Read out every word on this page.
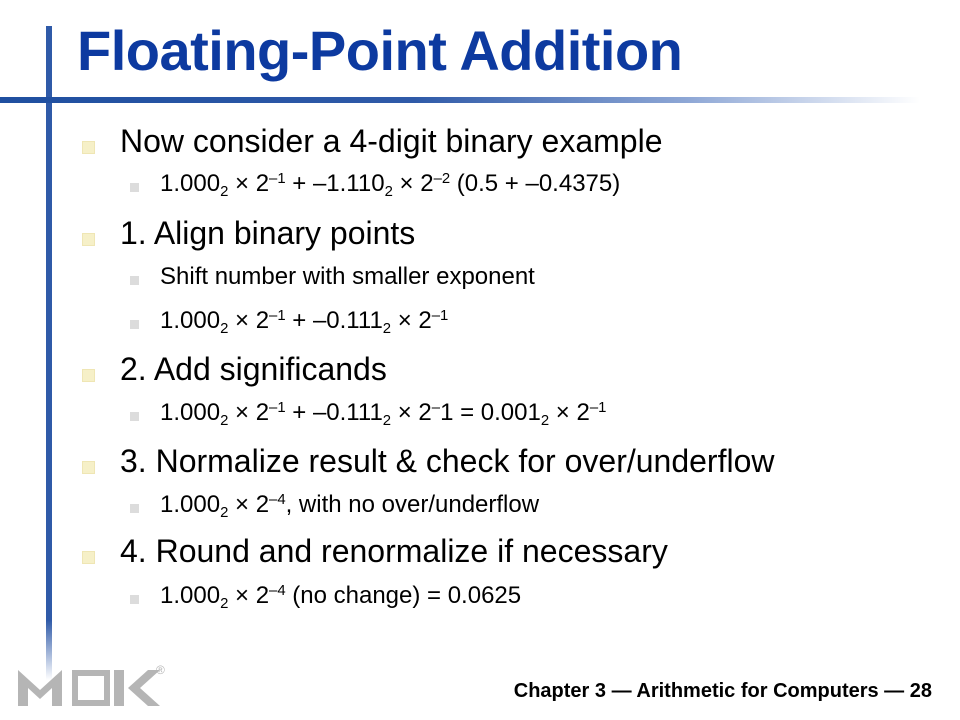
Floating-Point Addition
Now consider a 4-digit binary example
$1.000_2 \times 2^{-1} + -1.110_2 \times 2^{-2}$ (0.5 + –0.4375)
1. Align binary points
Shift number with smaller exponent
$1.000_2 \times 2^{-1} + -0.111_2 \times 2^{-1}$
2. Add significands
$1.000_2 \times 2^{-1} + -0.111_2 \times 2^-1 = 0.001_2 \times 2^{-1}$
3. Normalize result & check for over/underflow
$1.000_2 \times 2^{-4}$, with no over/underflow
4. Round and renormalize if necessary
$1.000_2 \times 2^{-4}$ (no change) = 0.0625
®
Chapter 3 — Arithmetic for Computers — 28
